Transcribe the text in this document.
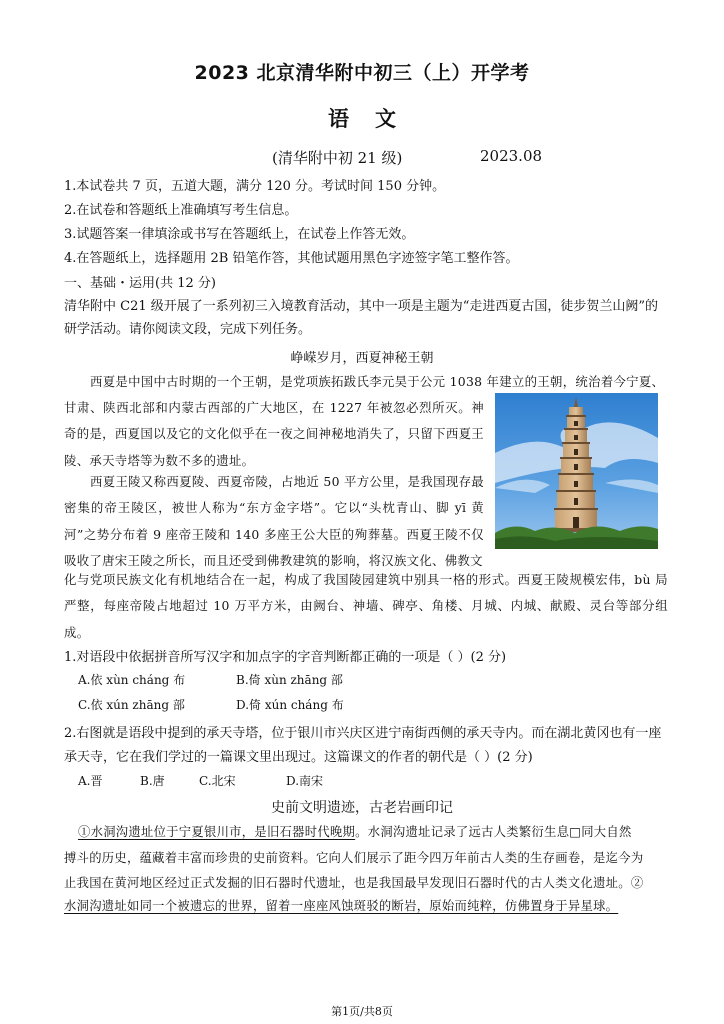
2023 北京清华附中初三（上）开学考
语文
(清华附中初 21 级)	2023.08
1.本试卷共 7 页，五道大题，满分 120 分。考试时间 150 分钟。
2.在试卷和答题纸上准确填写考生信息。
3.试题答案一律填涂或书写在答题纸上，在试卷上作答无效。
4.在答题纸上，选择题用 2B 铅笔作答，其他试题用黑色字迹签字笔工整作答。
一、基础・运用(共 12 分)
清华附中 C21 级开展了一系列初三入境教育活动，其中一项是主题为“走进西夏古国，徒步贺兰山阙”的研学活动。请你阅读文段，完成下列任务。
峥嵘岁月，西夏神秘王朝
西夏是中国中古时期的一个王朝，是党项族拓跋氏李元昊于公元 1038 年建立的王朝，统治着今宁夏、
甘肃、陕西北部和内蒙古西部的广大地区，在 1227 年被忽必烈所灭。神奇的是，西夏国以及它的文化似乎在一夜之间神秘地消失了，只留下西夏王陵、承天寺塔等为数不多的遗址。
西夏王陵又称西夏陵、西夏帝陵，占地近 50 平方公里，是我国现存最密集的帝王陵区，被世人称为“东方金字塔”。它以“头枕青山、脚 yī 黄河”之势分布着 9 座帝王陵和 140 多座王公大臣的殉葬墓。西夏王陵不仅吸收了唐宋王陵之所长，而且还受到佛教建筑的影响，将汉族文化、佛教文
化与党项民族文化有机地结合在一起，构成了我国陵园建筑中别具一格的形式。西夏王陵规模宏伟，bù 局严整，每座帝陵占地超过 10 万平方米，由阙台、神墙、碑亭、角楼、月城、内城、献殿、灵台等部分组成。
1.对语段中依据拼音所写汉字和加点字的字音判断都正确的一项是（ ）(2 分)
A.依 xùn cháng 布	B.倚 xùn zhāng 部
C.依 xún zhāng 部	D.倚 xún cháng 布
2.右图就是语段中提到的承天寺塔，位于银川市兴庆区进宁南街西侧的承天寺内。而在湖北黄冈也有一座
承天寺，它在我们学过的一篇课文里出现过。这篇课文的作者的朝代是（ ）(2 分)
A.晋	B.唐	C.北宋	D.南宋
史前文明遗迹，古老岩画印记
①水洞沟遗址位于宁夏银川市，是旧石器时代晚期。水洞沟遗址记录了远古人类繁衍生息□同大自然
搏斗的历史，蕴藏着丰富而珍贵的史前资料。它向人们展示了距今四万年前古人类的生存画卷，是迄今为
止我国在黄河地区经过正式发掘的旧石器时代遗址，也是我国最早发现旧石器时代的古人类文化遗址。②
水洞沟遗址如同一个被遗忘的世界，留着一座座风蚀斑驳的断岩，原始而纯粹，仿佛置身于异星球。
第1页/共8页
